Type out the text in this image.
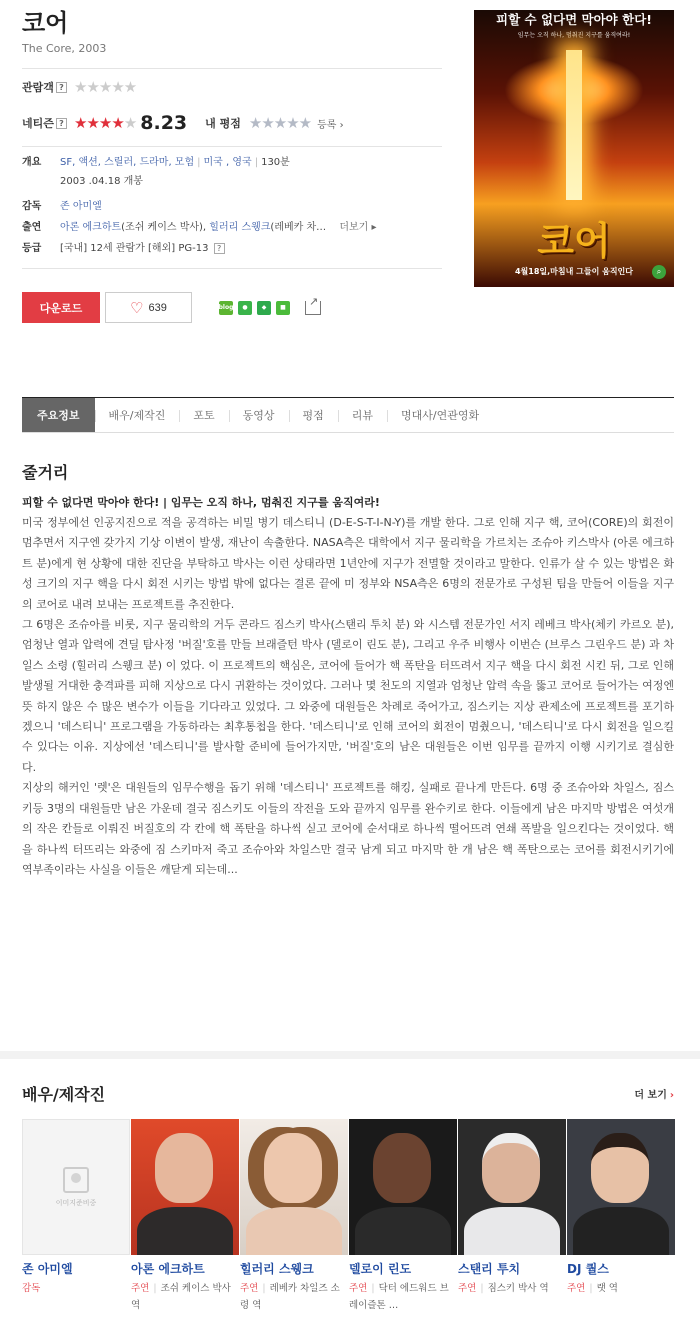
코어
The Core, 2003
관람객 ? ★★★★★
네티즌 ? ★★★★★ 8.23 내 평점 ★★★★★ 등록 ›
개요	SF, 액션, 스릴러, 드라마, 모험 | 미국 , 영국 | 130분
2003 .04.18 개봉
감독	존 아미엘
출연	아론 에크하트(조쉬 케이스 박사), 힐러리 스웽크(레베카 차… 더보기 ▸
등급	[국내] 12세 관람가 [해외] PG-13 ?
다운로드	♡ 639	blog	●	◆	■
↗
피할 수 없다면 막아야 한다!
임무는 오직 하나, 멈춰진 지구를 움직여라!
코어
4월18일,마침내 그들이 움직인다	⌕
주요정보	배우/제작진	포토	동영상	평점	리뷰	명대사/연관영화
줄거리
피할 수 없다면 막아야 한다! | 임무는 오직 하나, 멈춰진 지구를 움직여라!

미국 정부에선 인공지진으로 적을 공격하는 비밀 병기 데스티니 (D-E-S-T-I-N-Y)를 개발 한다. 그로 인해 지구 핵, 코어(CORE)의 회전이 멈추면서 지구엔 갖가지 기상 이변이 발생, 재난이 속출한다. NASA측은 대학에서 지구 물리학을 가르치는 조슈아 키스박사 (아론 에크하트 분)에게 현 상황에 대한 진단을 부탁하고 박사는 이런 상태라면 1년안에 지구가 전멸할 것이라고 말한다. 인류가 살 수 있는 방법은 화성 크기의 지구 핵을 다시 회전 시키는 방법 밖에 없다는 결론 끝에 미 정부와 NSA측은 6명의 전문가로 구성된 팀을 만들어 이들을 지구의 코어로 내려 보내는 프로젝트를 추진한다.
그 6명은 조슈아를 비롯, 지구 물리학의 거두 콘라드 짐스키 박사(스탠리 투치 분) 와 시스템 전문가인 서지 레베크 박사(체키 카르오 분), 엄청난 열과 압력에 견딜 탐사정 '버질'호를 만들 브래즐턴 박사 (델로이 린도 분), 그리고 우주 비행사 이번슨 (브루스 그린우드 분) 과 차일스 소령 (힐러리 스웽크 분) 이 었다. 이 프로젝트의 핵심은, 코어에 들어가 핵 폭탄을 터뜨려서 지구 핵을 다시 회전 시킨 뒤, 그로 인해 발생될 거대한 충격파를 피해 지상으로 다시 귀환하는 것이었다. 그러나 몇 천도의 지열과 엄청난 압력 속을 뚫고 코어로 들어가는 여정엔 뜻 하지 않은 수 많은 변수가 이들을 기다라고 있었다. 그 와중에 대원들은 차례로 죽어가고, 짐스키는 지상 관제소에 프로젝트를 포기하겠으니 '데스티니' 프로그램을 가동하라는 최후통첩을 한다. '데스티니'로 인해 코어의 회전이 멈췄으니, '데스티니'로 다시 회전을 일으킬 수 있다는 이유. 지상에선 '데스티니'를 발사할 준비에 들어가지만, '버질'호의 남은 대원들은 이번 임무를 끝까지 이행 시키기로 결심한다.
지상의 해커인 '렛'은 대원들의 임무수행을 돕기 위해 '데스티니' 프로젝트를 해킹, 실패로 끝나게 만든다. 6명 중 조슈아와 차일스, 짐스키등 3명의 대원들만 남은 가운데 결국 짐스키도 이들의 작전을 도와 끝까지 임무를 완수키로 한다. 이들에게 남은 마지막 방법은 여섯개의 작은 칸들로 이뤄진 버질호의 각 칸에 핵 폭탄을 하나씩 싣고 코어에 순서대로 하나씩 떨어뜨려 연쇄 폭발을 일으킨다는 것이었다. 핵을 하나씩 터뜨리는 와중에 짐 스키마저 죽고 조슈아와 차일스만 결국 남게 되고 마지막 한 개 남은 핵 폭탄으로는 코어를 회전시키기에 역부족이라는 사실을 이들은 깨닫게 되는데...

배우/제작진	더 보기 ›
이미지준비중
존 아미엘
감독
아론 에크하트
주연 | 조쉬 케이스 박사 역
힐러리 스웽크
주연 | 레베카 차일즈 소령 역
델로이 린도
주연 | 닥터 에드워드 브레이즐톤 …
스탠리 투치
주연 | 짐스키 박사 역
DJ 퀄스
주연 | 랫 역
